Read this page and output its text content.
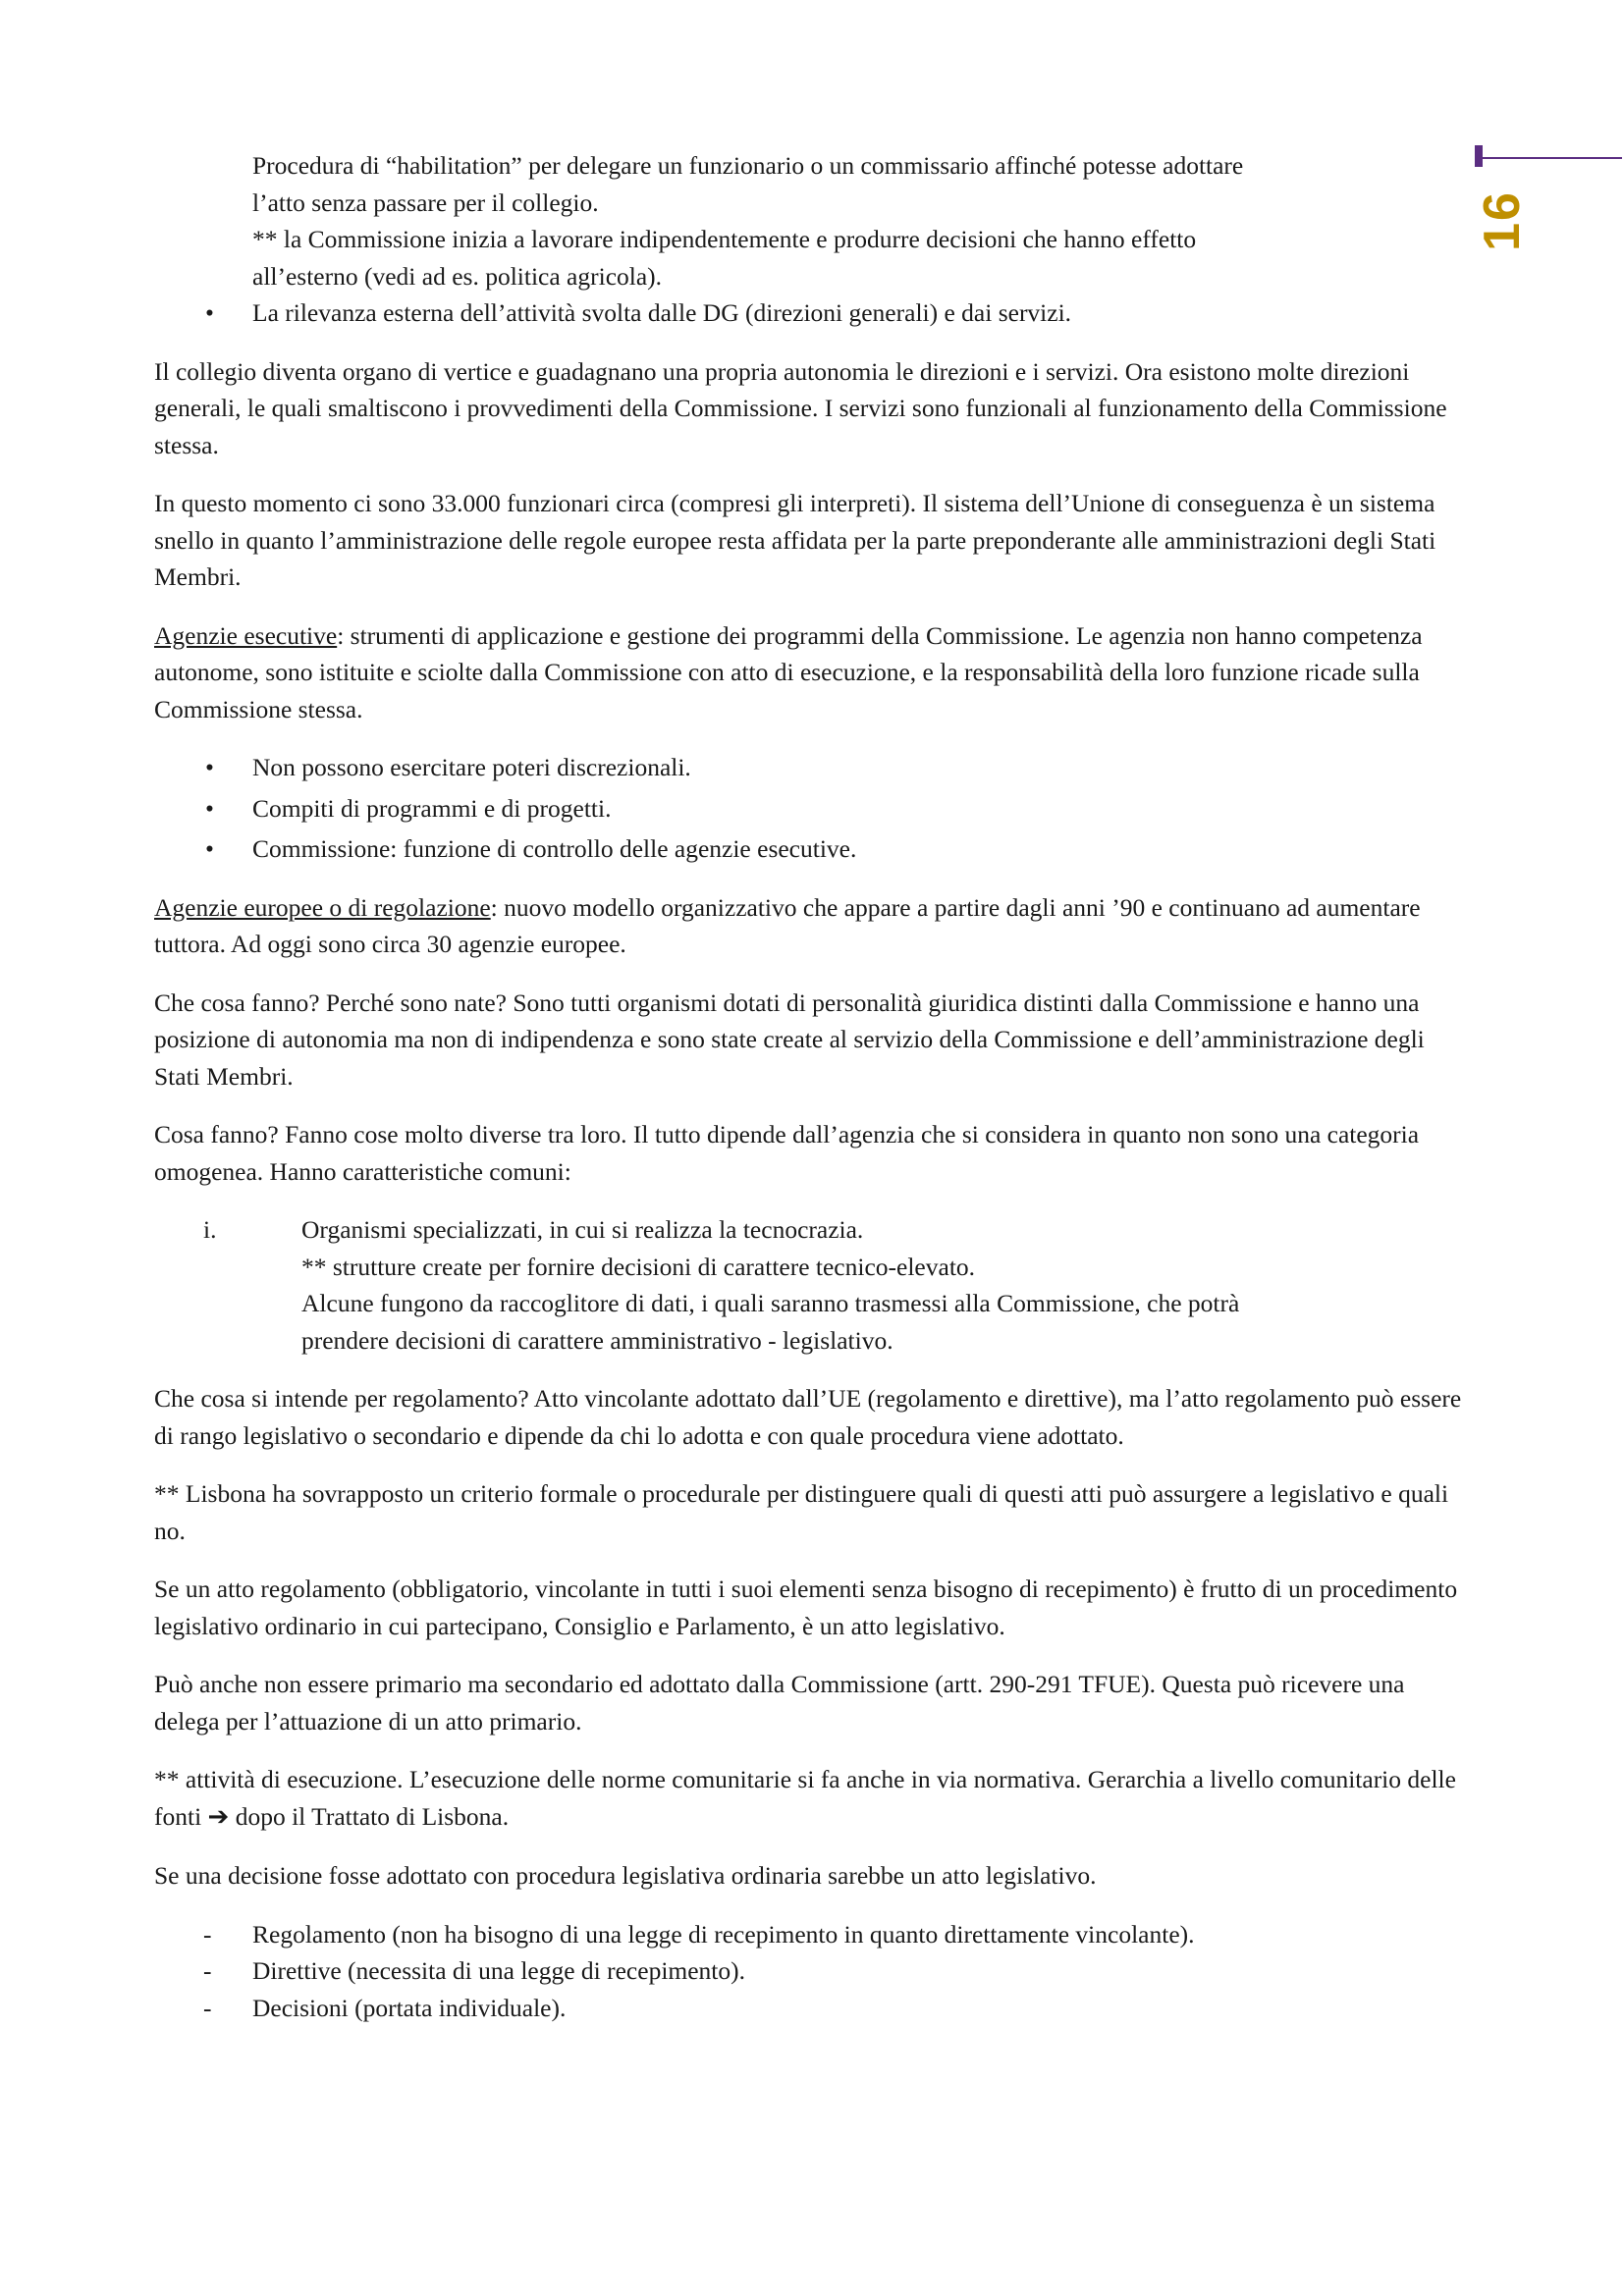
16

Procedura di “habilitation” per delegare un funzionario o un commissario affinché potesse adottare

l’atto senza passare per il collegio.

** la Commissione inizia a lavorare indipendentemente e produrre decisioni che hanno effetto

all’esterno (vedi ad es. politica agricola).

• La rilevanza esterna dell’attività svolta dalle DG (direzioni generali) e dai servizi.

Il collegio diventa organo di vertice e guadagnano una propria autonomia le direzioni e i servizi. Ora esistono molte direzioni generali, le quali smaltiscono i provvedimenti della Commissione. I servizi sono funzionali al funzionamento della Commissione stessa.

In questo momento ci sono 33.000 funzionari circa (compresi gli interpreti). Il sistema dell’Unione di conseguenza è un sistema snello in quanto l’amministrazione delle regole europee resta affidata per la parte preponderante alle amministrazioni degli Stati Membri.

Agenzie esecutive: strumenti di applicazione e gestione dei programmi della Commissione. Le agenzia non hanno competenza autonome, sono istituite e sciolte dalla Commissione con atto di esecuzione, e la responsabilità della loro funzione ricade sulla Commissione stessa.

• Non possono esercitare poteri discrezionali.
• Compiti di programmi e di progetti.
• Commissione: funzione di controllo delle agenzie esecutive.

Agenzie europee o di regolazione: nuovo modello organizzativo che appare a partire dagli anni ’90 e continuano ad aumentare tuttora. Ad oggi sono circa 30 agenzie europee.

Che cosa fanno? Perché sono nate? Sono tutti organismi dotati di personalità giuridica distinti dalla Commissione e hanno una posizione di autonomia ma non di indipendenza e sono state create al servizio della Commissione e dell’amministrazione degli Stati Membri.

Cosa fanno? Fanno cose molto diverse tra loro. Il tutto dipende dall’agenzia che si considera in quanto non sono una categoria omogenea. Hanno caratteristiche comuni:

i.	Organismi specializzati, in cui si realizza la tecnocrazia.
** strutture create per fornire decisioni di carattere tecnico-elevato.
Alcune fungono da raccoglitore di dati, i quali saranno trasmessi alla Commissione, che potrà
prendere decisioni di carattere amministrativo - legislativo.

Che cosa si intende per regolamento? Atto vincolante adottato dall’UE (regolamento e direttive), ma l’atto regolamento può essere di rango legislativo o secondario e dipende da chi lo adotta e con quale procedura viene adottato.

** Lisbona ha sovrapposto un criterio formale o procedurale per distinguere quali di questi atti può assurgere a legislativo e quali no.

Se un atto regolamento (obbligatorio, vincolante in tutti i suoi elementi senza bisogno di recepimento) è frutto di un procedimento legislativo ordinario in cui partecipano, Consiglio e Parlamento, è un atto legislativo.

Può anche non essere primario ma secondario ed adottato dalla Commissione (artt. 290-291 TFUE). Questa può ricevere una delega per l’attuazione di un atto primario.

** attività di esecuzione. L’esecuzione delle norme comunitarie si fa anche in via normativa. Gerarchia a livello comunitario delle fonti ➔ dopo il Trattato di Lisbona.

Se una decisione fosse adottato con procedura legislativa ordinaria sarebbe un atto legislativo.

- Regolamento (non ha bisogno di una legge di recepimento in quanto direttamente vincolante).
- Direttive (necessita di una legge di recepimento).
- Decisioni (portata individuale).
